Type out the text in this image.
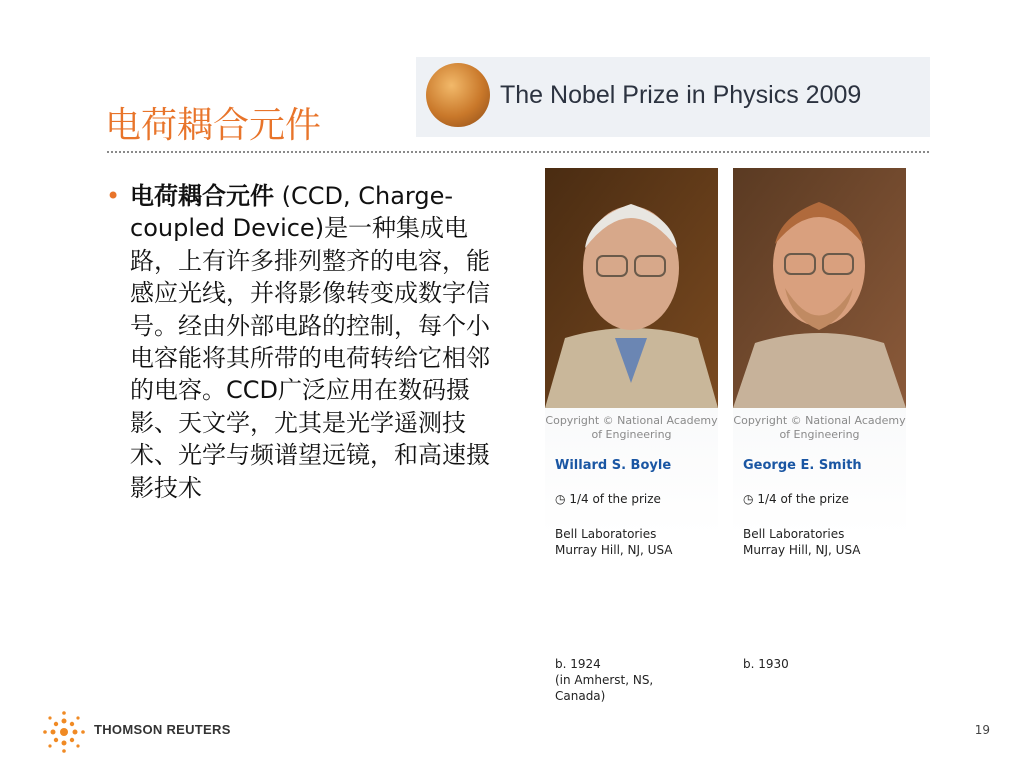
电荷耦合元件
The Nobel Prize in Physics 2009
• 电荷耦合元件 (CCD, Charge-coupled Device)是一种集成电路，上有许多排列整齐的电容，能感应光线，并将影像转变成数字信号。经由外部电路的控制，每个小电容能将其所带的电荷转给它相邻的电容。CCD广泛应用在数码摄影、天文学，尤其是光学遥测技术、光学与频谱望远镜，和高速摄影技术
Copyright © National Academy of Engineering
Willard S. Boyle
◷ 1/4 of the prize
Bell Laboratories
Murray Hill, NJ, USA
Copyright © National Academy of Engineering
George E. Smith
◷ 1/4 of the prize
Bell Laboratories
Murray Hill, NJ, USA
b. 1924
(in Amherst, NS,
Canada)
b. 1930
THOMSON REUTERS	19
